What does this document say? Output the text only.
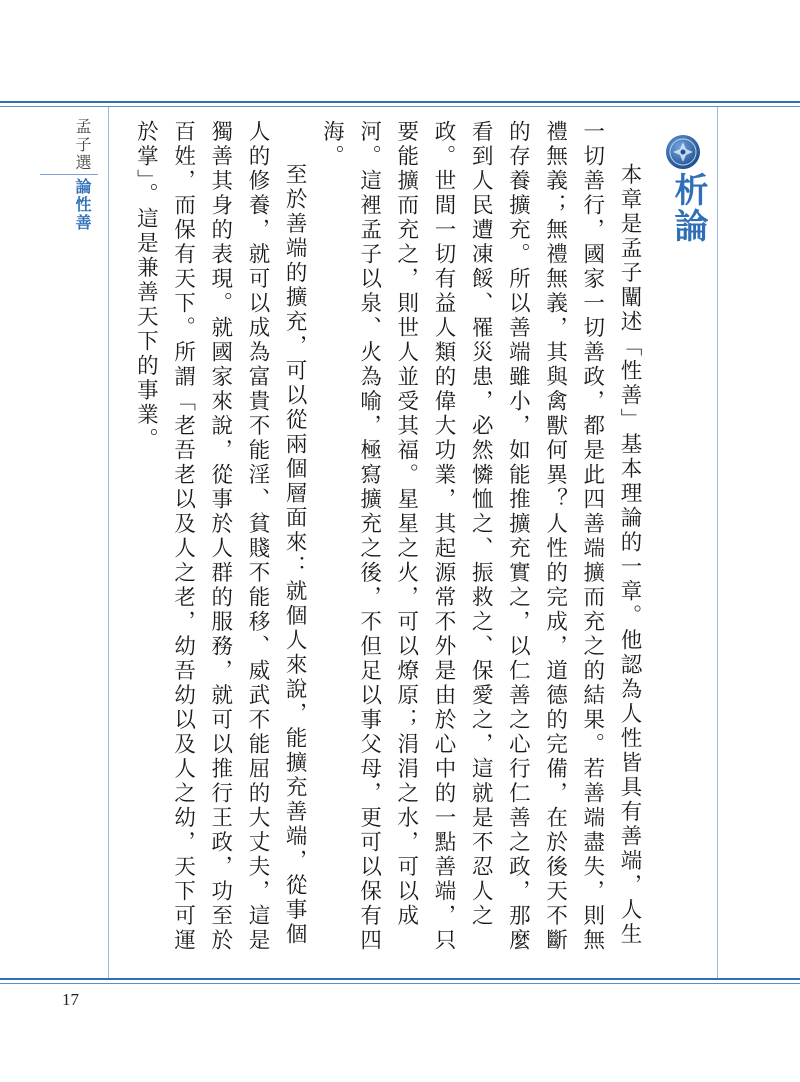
孟子選
論性善	析論

本章是孟子闡述「性善」基本理論的一章。他認為人性皆具有善端，人生一切善行，國家一切善政，都是此四善端擴而充之的結果。若善端盡失，則無禮無義；無禮無義，其與禽獸何異？人性的完成，道德的完備，在於後天不斷的存養擴充。所以善端雖小，如能推擴充實之，以仁善之心行仁善之政，那麼看到人民遭凍餒、罹災患，必然憐恤之、振救之、保愛之，這就是不忍人之政。世間一切有益人類的偉大功業，其起源常不外是由於心中的一點善端，只要能擴而充之，則世人並受其福。星星之火，可以燎原；涓涓之水，可以成河。這裡孟子以泉、火為喻，極寫擴充之後，不但足以事父母，更可以保有四海。

至於善端的擴充，可以從兩個層面來：就個人來說，能擴充善端，從事個人的修養，就可以成為富貴不能淫、貧賤不能移、威武不能屈的大丈夫，這是獨善其身的表現。就國家來說，從事於人群的服務，就可以推行王政，功至於百姓，而保有天下。所謂「老吾老以及人之老，幼吾幼以及人之幼，天下可運於掌」。這是兼善天下的事業。

17
